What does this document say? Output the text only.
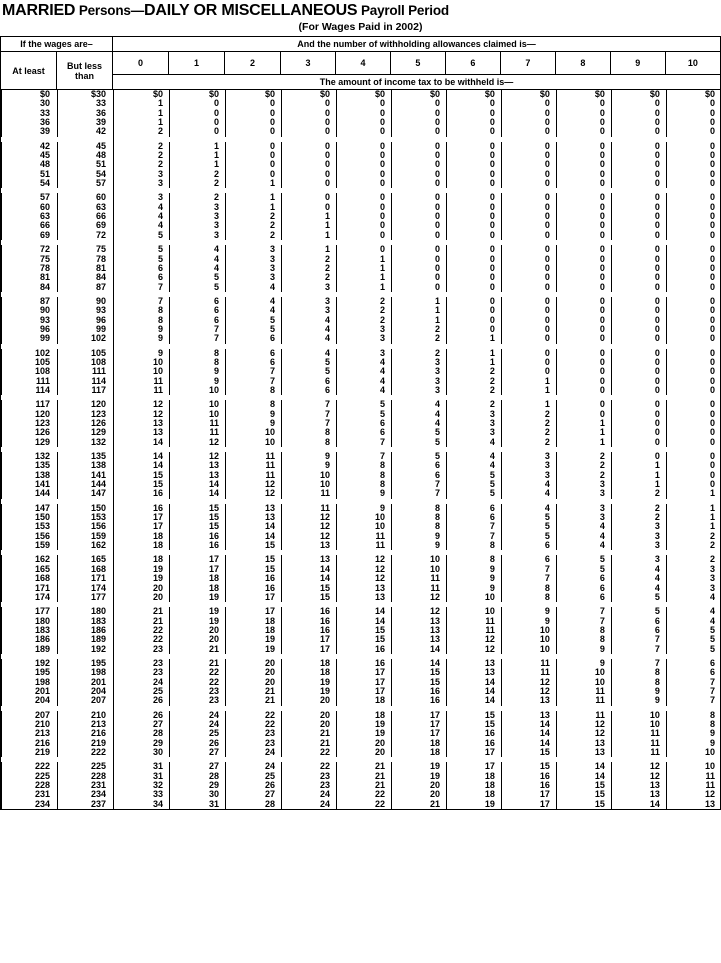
MARRIED Persons—DAILY OR MISCELLANEOUS Payroll Period
(For Wages Paid in 2002)
If the wages are–		And the number of withholding allowances claimed is—										
At least	But less
than	0	1	2	3	4	5	6	7	8	9	10
		The amount of income tax to be withheld is—										
$0	$30	$0	$0	$0	$0	$0	$0	$0	$0	$0	$0	$0
30	33	1	0	0	0	0	0	0	0	0	0	0
33	36	1	0	0	0	0	0	0	0	0	0	0
36	39	1	0	0	0	0	0	0	0	0	0	0
39	42	2	0	0	0	0	0	0	0	0	0	0

42	45	2	1	0	0	0	0	0	0	0	0	0
45	48	2	1	0	0	0	0	0	0	0	0	0
48	51	2	1	0	0	0	0	0	0	0	0	0
51	54	3	2	0	0	0	0	0	0	0	0	0
54	57	3	2	1	0	0	0	0	0	0	0	0

57	60	3	2	1	0	0	0	0	0	0	0	0
60	63	4	3	1	0	0	0	0	0	0	0	0
63	66	4	3	2	1	0	0	0	0	0	0	0
66	69	4	3	2	1	0	0	0	0	0	0	0
69	72	5	3	2	1	0	0	0	0	0	0	0

72	75	5	4	3	1	0	0	0	0	0	0	0
75	78	5	4	3	2	1	0	0	0	0	0	0
78	81	6	4	3	2	1	0	0	0	0	0	0
81	84	6	5	3	2	1	0	0	0	0	0	0
84	87	7	5	4	3	1	0	0	0	0	0	0

87	90	7	6	4	3	2	1	0	0	0	0	0
90	93	8	6	4	3	2	1	0	0	0	0	0
93	96	8	6	5	4	2	1	0	0	0	0	0
96	99	9	7	5	4	3	2	0	0	0	0	0
99	102	9	7	6	4	3	2	1	0	0	0	0

102	105	9	8	6	4	3	2	1	0	0	0	0
105	108	10	8	6	5	4	3	1	0	0	0	0
108	111	10	9	7	5	4	3	2	0	0	0	0
111	114	11	9	7	6	4	3	2	1	0	0	0
114	117	11	10	8	6	4	3	2	1	0	0	0

117	120	12	10	8	7	5	4	2	1	0	0	0
120	123	12	10	9	7	5	4	3	2	0	0	0
123	126	13	11	9	7	6	4	3	2	1	0	0
126	129	13	11	10	8	6	5	3	2	1	0	0
129	132	14	12	10	8	7	5	4	2	1	0	0

132	135	14	12	11	9	7	5	4	3	2	0	0
135	138	14	13	11	9	8	6	4	3	2	1	0
138	141	15	13	11	10	8	6	5	3	2	1	0
141	144	15	14	12	10	8	7	5	4	3	1	0
144	147	16	14	12	11	9	7	5	4	3	2	1

147	150	16	15	13	11	9	8	6	4	3	2	1
150	153	17	15	13	12	10	8	6	5	3	2	1
153	156	17	15	14	12	10	8	7	5	4	3	1
156	159	18	16	14	12	11	9	7	5	4	3	2
159	162	18	16	15	13	11	9	8	6	4	3	2

162	165	18	17	15	13	12	10	8	6	5	3	2
165	168	19	17	15	14	12	10	9	7	5	4	3
168	171	19	18	16	14	12	11	9	7	6	4	3
171	174	20	18	16	15	13	11	9	8	6	4	3
174	177	20	19	17	15	13	12	10	8	6	5	4

177	180	21	19	17	16	14	12	10	9	7	5	4
180	183	21	19	18	16	14	13	11	9	7	6	4
183	186	22	20	18	16	15	13	11	10	8	6	5
186	189	22	20	19	17	15	13	12	10	8	7	5
189	192	23	21	19	17	16	14	12	10	9	7	5

192	195	23	21	20	18	16	14	13	11	9	7	6
195	198	23	22	20	18	17	15	13	11	10	8	6
198	201	24	22	20	19	17	15	14	12	10	8	7
201	204	25	23	21	19	17	16	14	12	11	9	7
204	207	26	23	21	20	18	16	14	13	11	9	7

207	210	26	24	22	20	18	17	15	13	11	10	8
210	213	27	24	22	20	19	17	15	14	12	10	8
213	216	28	25	23	21	19	17	16	14	12	11	9
216	219	29	26	23	21	20	18	16	14	13	11	9
219	222	30	27	24	22	20	18	17	15	13	11	10

222	225	31	27	24	22	21	19	17	15	14	12	10
225	228	31	28	25	23	21	19	18	16	14	12	11
228	231	32	29	26	23	21	20	18	16	15	13	11
231	234	33	30	27	24	22	20	18	17	15	13	12
234	237	34	31	28	24	22	21	19	17	15	14	13
